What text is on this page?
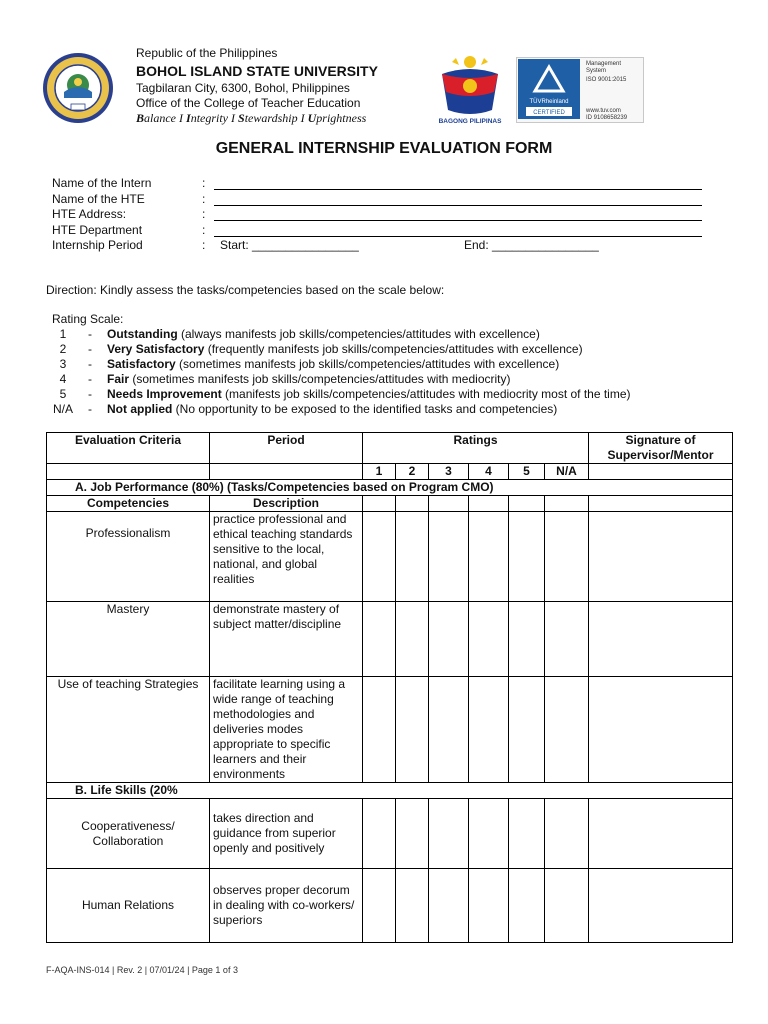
Republic of the Philippines
BOHOL ISLAND STATE UNIVERSITY
Tagbilaran City, 6300, Bohol, Philippines
Office of the College of Teacher Education
Balance I Integrity I Stewardship I Uprightness	BAGONG PILIPINAS
TÜVRheinland
CERTIFIED
Management System
ISO 9001:2015
www.tuv.com
ID 9108658239
GENERAL INTERNSHIP EVALUATION FORM
Name of the Intern	:
Name of the HTE	:
HTE Address:	:
HTE Department	:
Internship Period	: Start: ________________	End: ________________
Direction: Kindly assess the tasks/competencies based on the scale below:
Rating Scale:
1	- Outstanding (always manifests job skills/competencies/attitudes with excellence)
2	- Very Satisfactory (frequently manifests job skills/competencies/attitudes with excellence)
3	- Satisfactory (sometimes manifests job skills/competencies/attitudes with excellence)
4	- Fair (sometimes manifests job skills/competencies/attitudes with mediocrity)
5	- Needs Improvement (manifests job skills/competencies/attitudes with mediocrity most of the time)
N/A	- Not applied (No opportunity to be exposed to the identified tasks and competencies)
Evaluation Criteria	Period	Ratings						Signature of Supervisor/Mentor
		1	2	3	4	5	N/A	
A. Job Performance (80%) (Tasks/Competencies based on Program CMO)								
Competencies	Description							
Professionalism	practice professional and ethical teaching standards sensitive to the local, national, and global realities							
Mastery	demonstrate mastery of subject matter/discipline							
Use of teaching Strategies	facilitate learning using a wide range of teaching methodologies and deliveries modes appropriate to specific learners and their environments							
B. Life Skills (20%								
Cooperativeness/ Collaboration	takes direction and guidance from superior openly and positively							
Human Relations	observes proper decorum in dealing with co-workers/ superiors							
F-AQA-INS-014 | Rev. 2 | 07/01/24 | Page 1 of 3
